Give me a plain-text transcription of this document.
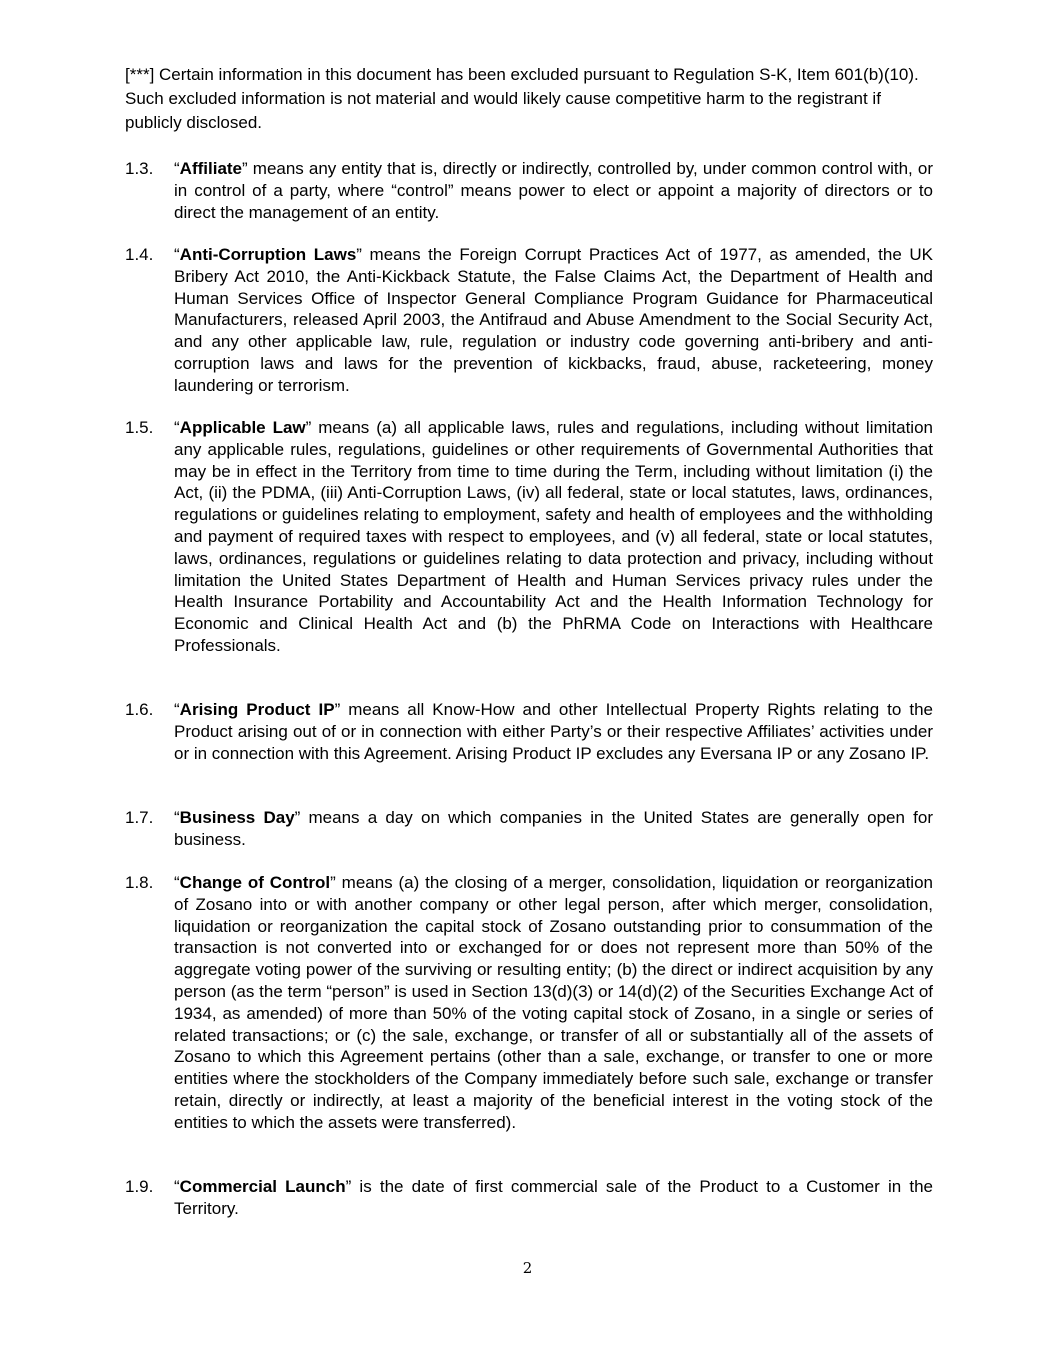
[***] Certain information in this document has been excluded pursuant to Regulation S-K, Item 601(b)(10). Such excluded information is not material and would likely cause competitive harm to the registrant if publicly disclosed.
1.3.	“Affiliate” means any entity that is, directly or indirectly, controlled by, under common control with, or in control of a party, where “control” means power to elect or appoint a majority of directors or to direct the management of an entity.
1.4.	“Anti-Corruption Laws” means the Foreign Corrupt Practices Act of 1977, as amended, the UK Bribery Act 2010, the Anti-Kickback Statute, the False Claims Act, the Department of Health and Human Services Office of Inspector General Compliance Program Guidance for Pharmaceutical Manufacturers, released April 2003, the Antifraud and Abuse Amendment to the Social Security Act, and any other applicable law, rule, regulation or industry code governing anti-bribery and anti-corruption laws and laws for the prevention of kickbacks, fraud, abuse, racketeering, money laundering or terrorism.
1.5.	“Applicable Law” means (a) all applicable laws, rules and regulations, including without limitation any applicable rules, regulations, guidelines or other requirements of Governmental Authorities that may be in effect in the Territory from time to time during the Term, including without limitation (i) the Act, (ii) the PDMA, (iii) Anti-Corruption Laws, (iv) all federal, state or local statutes, laws, ordinances, regulations or guidelines relating to employment, safety and health of employees and the withholding and payment of required taxes with respect to employees, and (v) all federal, state or local statutes, laws, ordinances, regulations or guidelines relating to data protection and privacy, including without limitation the United States Department of Health and Human Services privacy rules under the Health Insurance Portability and Accountability Act and the Health Information Technology for Economic and Clinical Health Act and (b) the PhRMA Code on Interactions with Healthcare Professionals.
1.6.	“Arising Product IP” means all Know-How and other Intellectual Property Rights relating to the Product arising out of or in connection with either Party’s or their respective Affiliates’ activities under or in connection with this Agreement. Arising Product IP excludes any Eversana IP or any Zosano IP.
1.7.	“Business Day” means a day on which companies in the United States are generally open for business.
1.8.	“Change of Control” means (a) the closing of a merger, consolidation, liquidation or reorganization of Zosano into or with another company or other legal person, after which merger, consolidation, liquidation or reorganization the capital stock of Zosano outstanding prior to consummation of the transaction is not converted into or exchanged for or does not represent more than 50% of the aggregate voting power of the surviving or resulting entity; (b) the direct or indirect acquisition by any person (as the term “person” is used in Section 13(d)(3) or 14(d)(2) of the Securities Exchange Act of 1934, as amended) of more than 50% of the voting capital stock of Zosano, in a single or series of related transactions; or (c) the sale, exchange, or transfer of all or substantially all of the assets of Zosano to which this Agreement pertains (other than a sale, exchange, or transfer to one or more entities where the stockholders of the Company immediately before such sale, exchange or transfer retain, directly or indirectly, at least a majority of the beneficial interest in the voting stock of the entities to which the assets were transferred).
1.9.	“Commercial Launch” is the date of first commercial sale of the Product to a Customer in the Territory.
2
